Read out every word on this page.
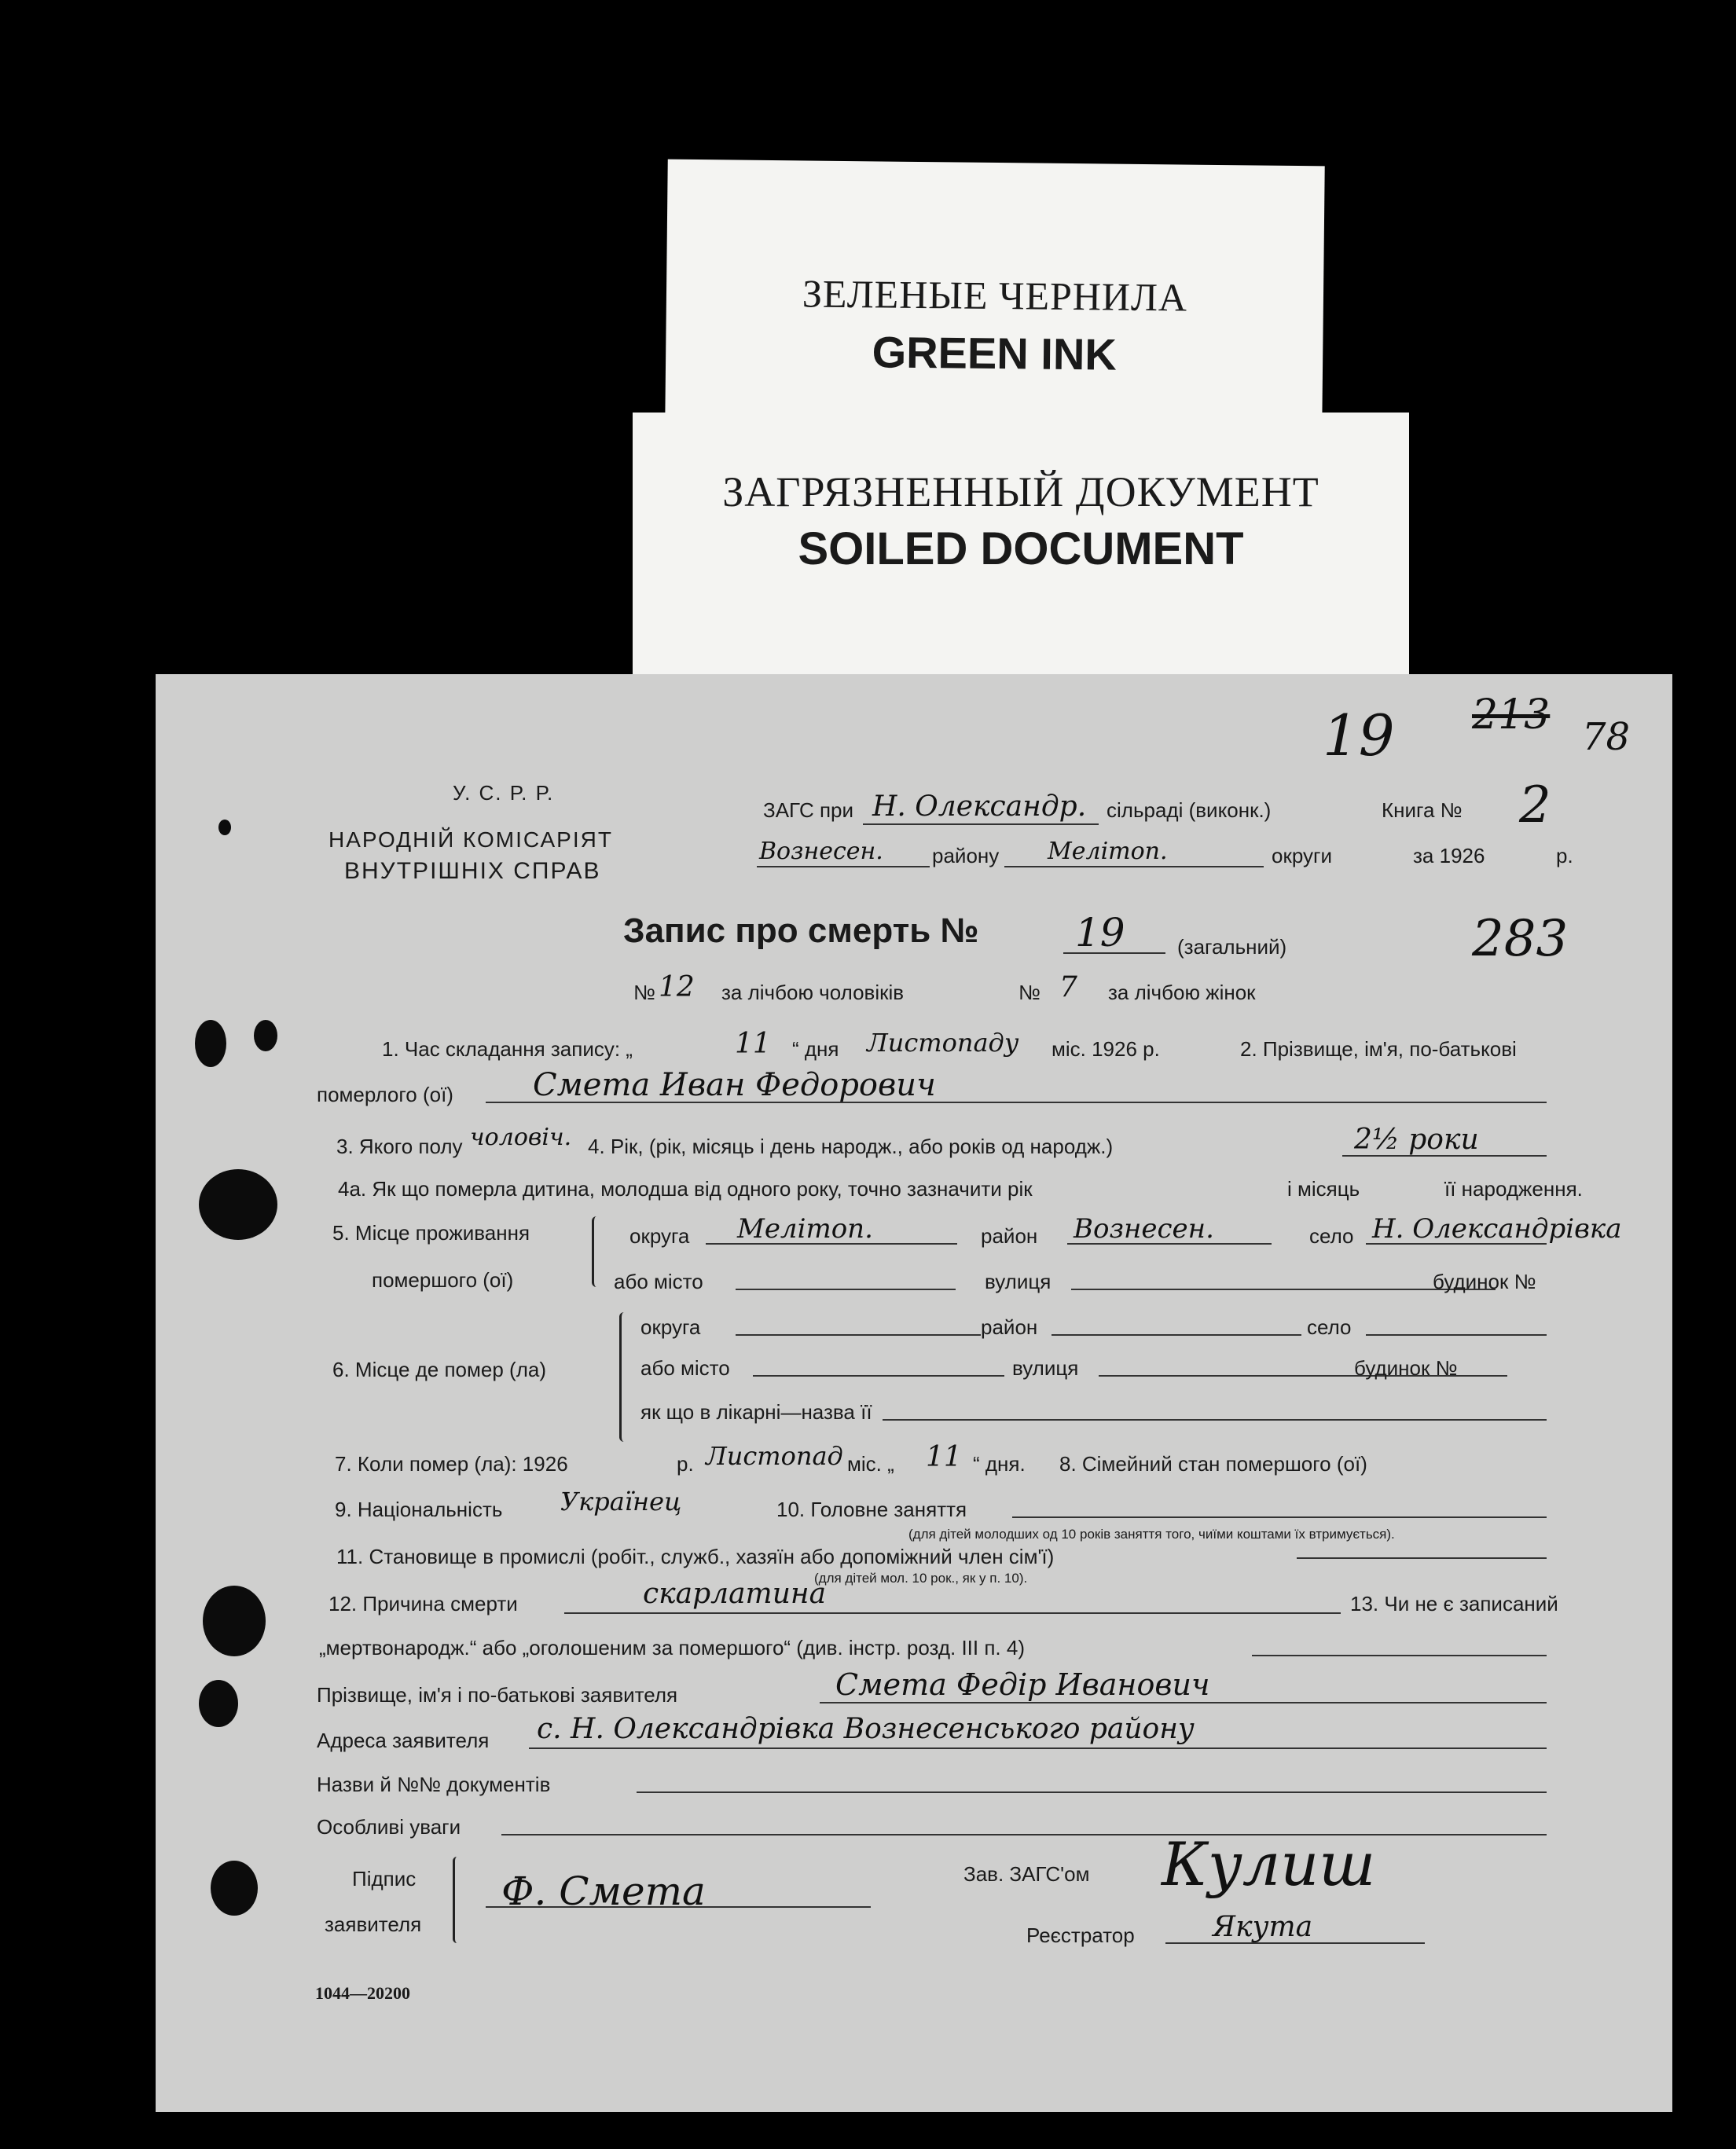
ЗЕЛЕНЫЕ ЧЕРНИЛА
GREEN INK
ЗАГРЯЗНЕННЫЙ ДОКУМЕНТ
SOILED DOCUMENT
У. С. Р. Р.
НАРОДНІЙ КОМІСАРІЯТ
ВНУТРІШНІХ СПРАВ
19 213 78
283
ЗАГС при Н. Олександр. сільраді (виконк.)	Книга № 2
Вознесен. району Мелітоп.	округи	за 1926	р.
Запис про смерть № 19	(загальний)
№ 12 за лічбою чоловіків	№ 7 за лічбою жінок
1. Час складання запису: „	11 “ дня Листопаду міс. 1926 р.	2. Прізвище, ім'я, по-батькові
померлого (ої)	Смета Иван Федорович
3. Якого полу чоловіч. 4. Рік, (рік, місяць і день народж., або років од народж.)	2½ роки
4а. Як що померла дитина, молодша від одного року, точно зазначити рік	і місяць	її народження.
5. Місце проживання
помершого (ої)
округа Мелітоп.	район Вознесен.	село Н. Олександрівка
або місто	вулиця	будинок №
округа	район	село
6. Місце де помер (ла)	або місто	вулиця	будинок №
як що в лікарні—назва її
7. Коли помер (ла): 1926	р. Листопад міс. „ 11 “ дня. 8. Сімейний стан помершого (ої)
9. Національність Українец	10. Головне заняття
(для дітей молодших од 10 років заняття того, чиїми коштами їх втримується).
11. Становище в промислі (робіт., служб., хазяїн або допоміжний член сім'ї)
(для дітей мол. 10 рок., як у п. 10).
12. Причина смерти	скарлатина	13. Чи не є записаний
„мертвонародж.“ або „оголошеним за помершого“ (див. інстр. розд. III п. 4)
Прізвище, ім'я і по-батькові заявителя	Смета Федір Иванович
Адреса заявителя с. Н. Олександрівка Вознесенського району
Назви й №№ документів
Особливі уваги
Підпис
заявителя
Ф. Смета	Зав. ЗАГС'ом Кулиш
Реєстратор	Якута
1044—20200
